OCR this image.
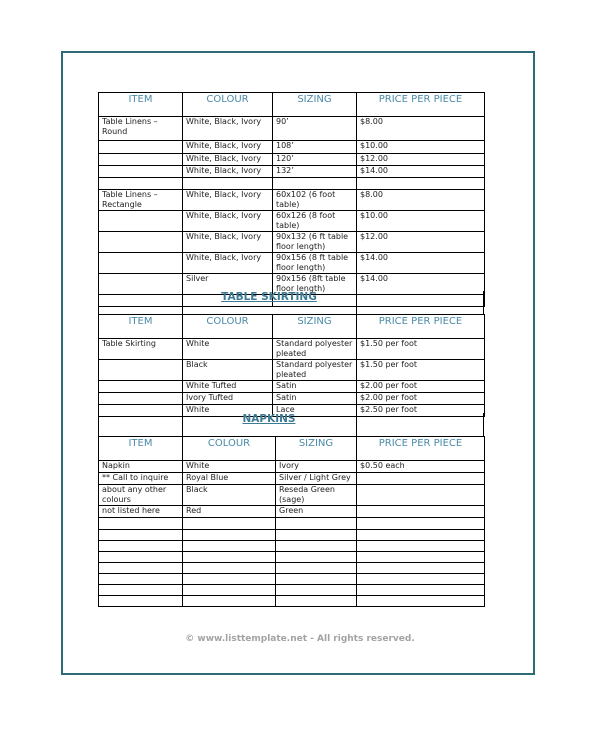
ITEM	COLOUR	SIZING	PRICE PER PIECE
Table Linens – Round	White, Black, Ivory	90’	$8.00
	White, Black, Ivory	108’	$10.00
	White, Black, Ivory	120’	$12.00
	White, Black, Ivory	132’	$14.00

Table Linens – Rectangle	White, Black, Ivory	60x102 (6 foot table)	$8.00
	White, Black, Ivory	60x126 (8 foot table)	$10.00
	White, Black, Ivory	90x132 (6 ft table floor length)	$12.00
	White, Black, Ivory	90x156 (8 ft table floor length)	$14.00
	Silver	90x156 (8ft table floor length)	$14.00

TABLE SKIRTING
ITEM	COLOUR	SIZING	PRICE PER PIECE
Table Skirting	White	Standard polyester pleated	$1.50 per foot
	Black	Standard polyester pleated	$1.50 per foot
	White Tufted	Satin	$2.00 per foot
	Ivory Tufted	Satin	$2.00 per foot
	White	Lace	$2.50 per foot
NAPKINS
ITEM	COLOUR	SIZING	PRICE PER PIECE
Napkin	White	Ivory	$0.50 each
** Call to inquire	Royal Blue	Silver / Light Grey	
about any other colours	Black	Reseda Green (sage)	
not listed here	Red	Green	

© www.listtemplate.net - All rights reserved.
